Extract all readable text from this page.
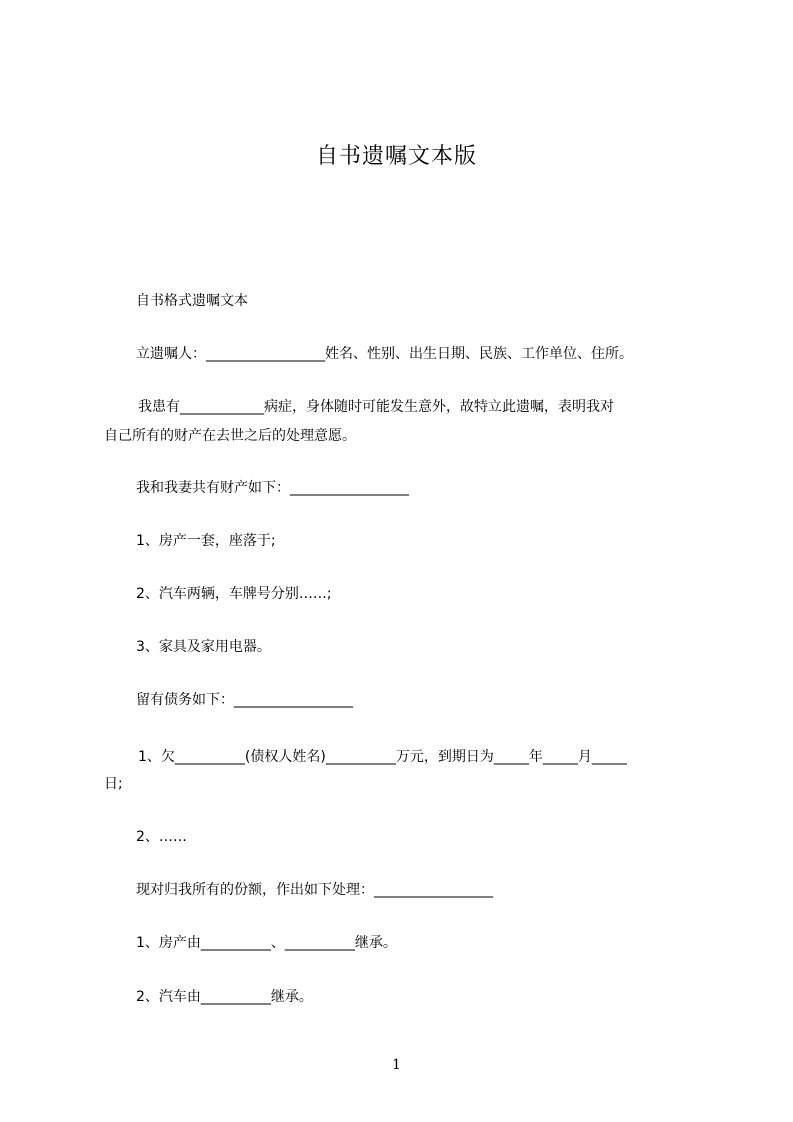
自书遗嘱文本版

自书格式遗嘱文本

立遗嘱人：_________________姓名、性别、出生日期、民族、工作单位、住所。

我患有____________病症，身体随时可能发生意外，故特立此遗嘱，表明我对

自己所有的财产在去世之后的处理意愿。

我和我妻共有财产如下：_________________

1、房产一套，座落于;

2、汽车两辆，车牌号分别……;

3、家具及家用电器。

留有债务如下：_________________

1、欠__________(债权人姓名)__________万元，到期日为_____年_____月_____

日;

2、……

现对归我所有的份额，作出如下处理：_________________

1、房产由__________、__________继承。

2、汽车由__________继承。

1
